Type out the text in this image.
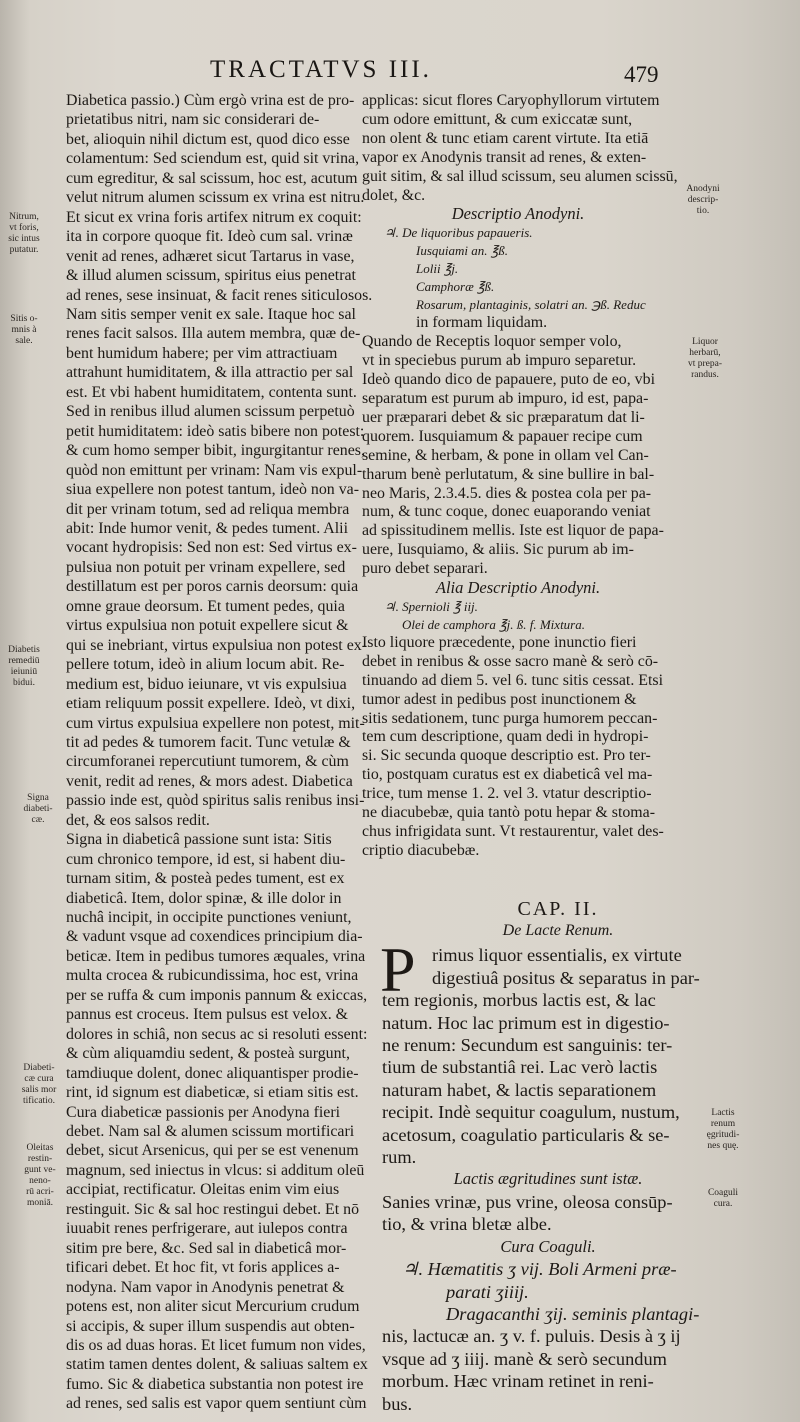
TRACTATVS III.	479
Nitrum,
vt foris,
sic intus
putatur.
Sitis o-
mnis à
sale.
Diabetis
remediū
ieiuniū
bidui.
Signa
diabeti-
cæ.
Diabeti-
cæ cura
salis mor
tificatio.
Oleitas
restin-
gunt ve-
neno-
rū acri-
moniā.
Anodyni
descrip-
tio.
Liquor
herbarū,
vt prepa-
randus.
Lactis
renum
ęgritudi-
nes quę.
Coaguli
cura.
Diabetica passio.) Cùm ergò vrina est de pro-
prietatibus nitri, nam sic considerari de-
bet, alioquin nihil dictum est, quod dico esse
colamentum: Sed sciendum est, quid sit vrina,
cum egreditur, & sal scissum, hoc est, acutum
velut nitrum alumen scissum ex vrina est nitru.
Et sicut ex vrina foris artifex nitrum ex coquit:
ita in corpore quoque fit. Ideò cum sal. vrinæ
venit ad renes, adhæret sicut Tartarus in vase,
& illud alumen scissum, spiritus eius penetrat
ad renes, sese insinuat, & facit renes siticulosos.
Nam sitis semper venit ex sale. Itaque hoc sal
renes facit salsos. Illa autem membra, quæ de-
bent humidum habere; per vim attractiuam
attrahunt humiditatem, & illa attractio per sal
est. Et vbi habent humiditatem, contenta sunt.
Sed in renibus illud alumen scissum perpetuò
petit humiditatem: ideò satis bibere non potest:
& cum homo semper bibit, ingurgitantur renes,
quòd non emittunt per vrinam: Nam vis expul-
siua expellere non potest tantum, ideò non va-
dit per vrinam totum, sed ad reliqua membra
abit: Inde humor venit, & pedes tument. Alii
vocant hydropisis: Sed non est: Sed virtus ex-
pulsiua non potuit per vrinam expellere, sed
destillatum est per poros carnis deorsum: quia
omne graue deorsum. Et tument pedes, quia
virtus expulsiua non potuit expellere sicut &
qui se inebriant, virtus expulsiua non potest ex-
pellere totum, ideò in alium locum abit. Re-
medium est, biduo ieiunare, vt vis expulsiua
etiam reliquum possit expellere. Ideò, vt dixi,
cum virtus expulsiua expellere non potest, mit-
tit ad pedes & tumorem facit. Tunc vetulæ &
circumforanei repercutiunt tumorem, & cùm
venit, redit ad renes, & mors adest. Diabetica
passio inde est, quòd spiritus salis renibus insi-
det, & eos salsos redit.
Signa in diabeticâ passione sunt ista: Sitis
cum chronico tempore, id est, si habent diu-
turnam sitim, & posteà pedes tument, est ex
diabeticâ. Item, dolor spinæ, & ille dolor in
nuchâ incipit, in occipite punctiones veniunt,
& vadunt vsque ad coxendices principium dia-
beticæ. Item in pedibus tumores æquales, vrina
multa crocea & rubicundissima, hoc est, vrina
per se ruffa & cum imponis pannum & exiccas,
pannus est croceus. Item pulsus est velox. &
dolores in schiâ, non secus ac si resoluti essent:
& cùm aliquamdiu sedent, & posteà surgunt,
tamdiuque dolent, donec aliquantisper prodie-
rint, id signum est diabeticæ, si etiam sitis est.
Cura diabeticæ passionis per Anodyna fieri
debet. Nam sal & alumen scissum mortificari
debet, sicut Arsenicus, qui per se est venenum
magnum, sed iniectus in vlcus: si additum oleū
accipiat, rectificatur. Oleitas enim vim eius
restinguit. Sic & sal hoc restingui debet. Et nō
iuuabit renes perfrigerare, aut iulepos contra
sitim pre bere, &c. Sed sal in diabeticâ mor-
tificari debet. Et hoc fit, vt foris applices a-
nodyna. Nam vapor in Anodynis penetrat &
potens est, non aliter sicut Mercurium crudum
si accipis, & super illum suspendis aut obten-
dis os ad duas horas. Et licet fumum non vides,
statim tamen dentes dolent, & saliuas saltem ex
fumo. Sic & diabetica substantia non potest ire
ad renes, sed salis est vapor quem sentiunt cùm
applicas: sicut flores Caryophyllorum virtutem
cum odore emittunt, & cum exiccatæ sunt,
non olent & tunc etiam carent virtute. Ita etiā
vapor ex Anodynis transit ad renes, & exten-
guit sitim, & sal illud scissum, seu alumen scissū,
dolet, &c.
Descriptio Anodyni.
♃. De liquoribus papaueris.
Iusquiami an. ℥ß.
Lolii ℥j.
Camphoræ ℥ß.
Rosarum, plantaginis, solatri an. ℈ß. Reduc
in formam liquidam.
Quando de Receptis loquor semper volo,
vt in speciebus purum ab impuro separetur.
Ideò quando dico de papauere, puto de eo, vbi
separatum est purum ab impuro, id est, papa-
uer præparari debet & sic præparatum dat li-
quorem. Iusquiamum & papauer recipe cum
semine, & herbam, & pone in ollam vel Can-
tharum benè perlutatum, & sine bullire in bal-
neo Maris, 2.3.4.5. dies & postea cola per pa-
num, & tunc coque, donec euaporando veniat
ad spissitudinem mellis. Iste est liquor de papa-
uere, Iusquiamo, & aliis. Sic purum ab im-
puro debet separari.
Alia Descriptio Anodyni.
♃. Spernioli ℥ iij.
Olei de camphora ℥j. ß. f. Mixtura.
Isto liquore præcedente, pone inunctio fieri
debet in renibus & osse sacro manè & serò cō-
tinuando ad diem 5. vel 6. tunc sitis cessat. Etsi
tumor adest in pedibus post inunctionem &
sitis sedationem, tunc purga humorem peccan-
tem cum descriptione, quam dedi in hydropi-
si. Sic secunda quoque descriptio est. Pro ter-
tio, postquam curatus est ex diabeticâ vel ma-
trice, tum mense 1. 2. vel 3. vtatur descriptio-
ne diacubebæ, quia tantò potu hepar & stoma-
chus infrigidata sunt. Vt restaurentur, valet des-
criptio diacubebæ.
CAP. II.
De Lacte Renum.
P rimus liquor essentialis, ex virtute
digestiuâ positus & separatus in par-
tem regionis, morbus lactis est, & lac
natum. Hoc lac primum est in digestio-
ne renum: Secundum est sanguinis: ter-
tium de substantiâ rei. Lac verò lactis
naturam habet, & lactis separationem
recipit. Indè sequitur coagulum, nustum,
acetosum, coagulatio particularis & se-
rum.
Lactis ægritudines sunt istæ.
Sanies vrinæ, pus vrine, oleosa consūp-
tio, & vrina bletæ albe.
Cura Coaguli.
♃. Hæmatitis ʒ vij. Boli Armeni præ-
parati ʒiiij.
Dragacanthi ʒij. seminis plantagi-
nis, lactucæ an. ʒ v. f. puluis. Desis à ʒ ij
vsque ad ʒ iiij. manè & serò secundum
morbum. Hæc vrinam retinet in reni-
bus.
